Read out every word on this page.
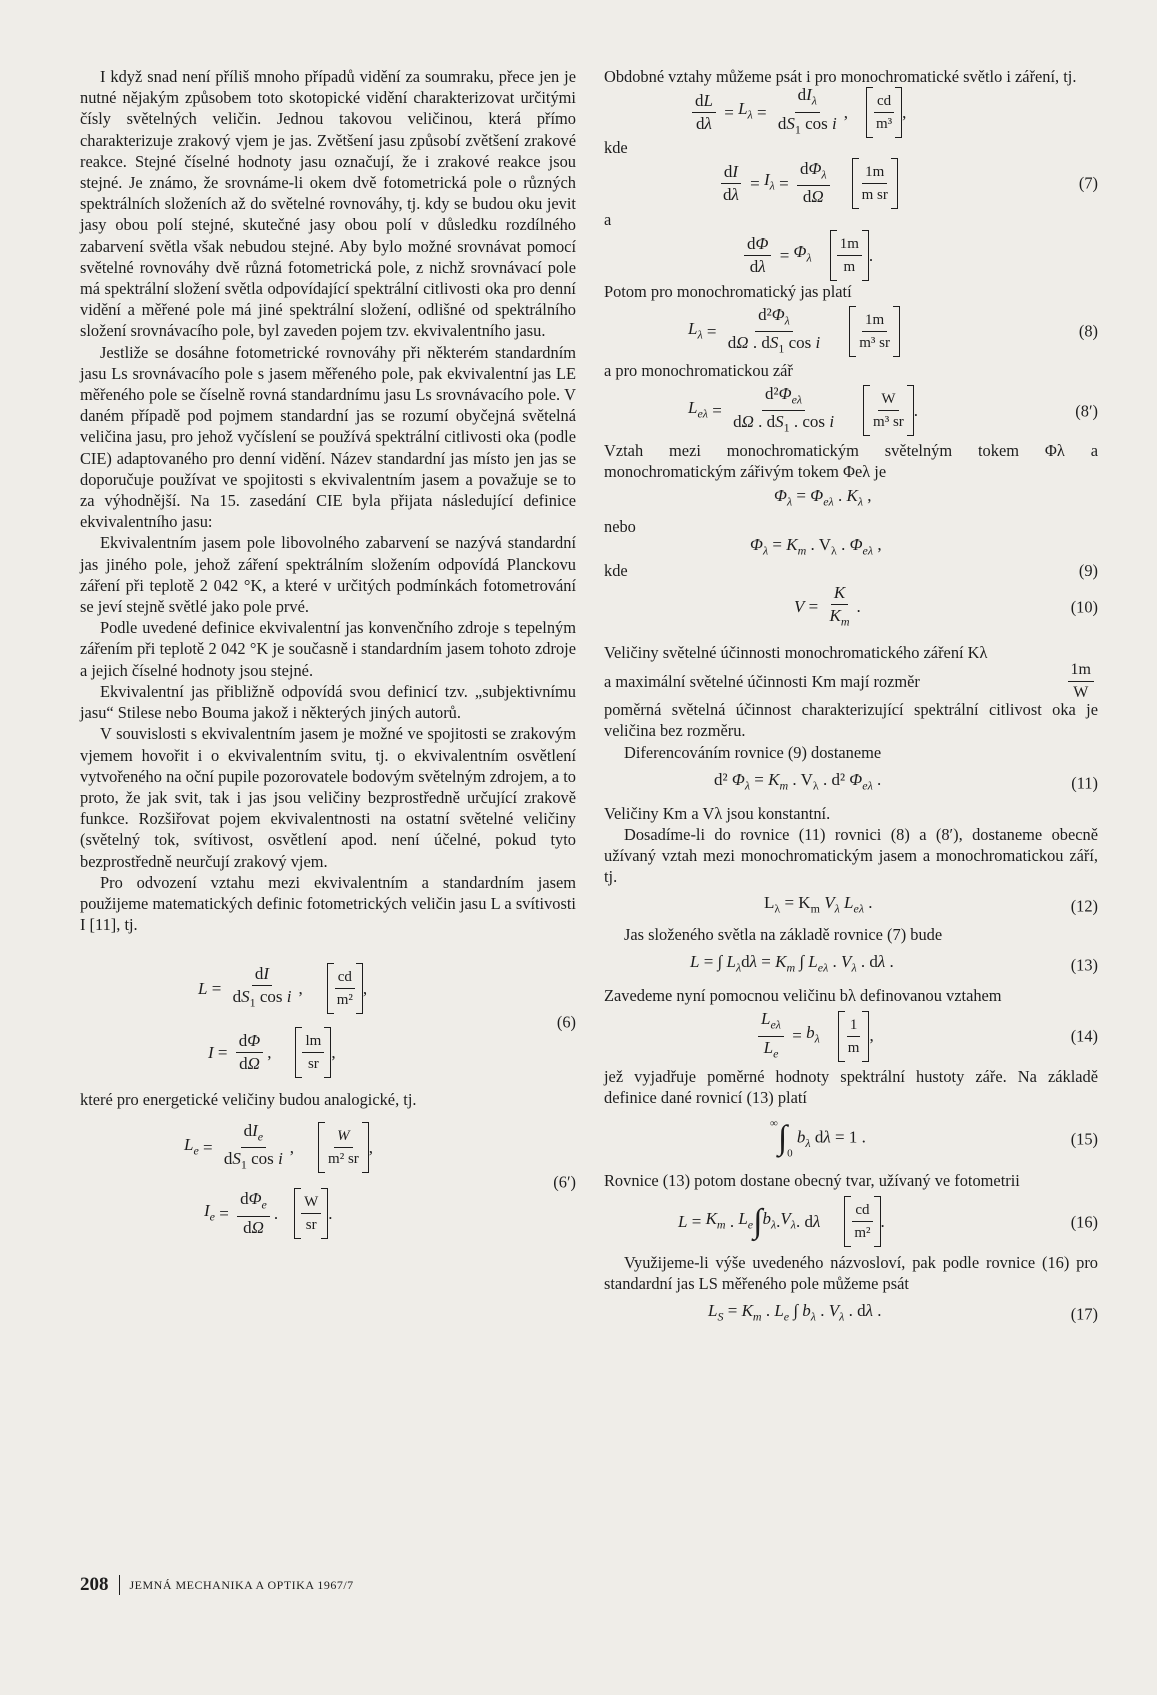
I když snad není příliš mnoho případů vidění za soumraku, přece jen je nutné nějakým způsobem toto skotopické vidění charakterizovat určitými čísly světelných veličin. Jednou takovou veličinou, která přímo charakterizuje zrakový vjem je jas. Zvětšení jasu způsobí zvětšení zrakové reakce. Stejné číselné hodnoty jasu označují, že i zrakové reakce jsou stejné. Je známo, že srovnáme-li okem dvě fotometrická pole o různých spektrálních složeních až do světelné rovnováhy, tj. kdy se budou oku jevit jasy obou polí stejné, skutečné jasy obou polí v důsledku rozdílného zabarvení světla však nebudou stejné. Aby bylo možné srovnávat pomocí světelné rovnováhy dvě různá fotometrická pole, z nichž srovnávací pole má spektrální složení světla odpovídající spektrální citlivosti oka pro denní vidění a měřené pole má jiné spektrální složení, odlišné od spektrálního složení srovnávacího pole, byl zaveden pojem tzv. ekvivalentního jasu.

Jestliže se dosáhne fotometrické rovnováhy při některém standardním jasu Ls srovnávacího pole s jasem měřeného pole, pak ekvivalentní jas LE měřeného pole se číselně rovná standardnímu jasu Ls srovnávacího pole. V daném případě pod pojmem standardní jas se rozumí obyčejná světelná veličina jasu, pro jehož vyčíslení se používá spektrální citlivosti oka (podle CIE) adaptovaného pro denní vidění. Název standardní jas místo jen jas se doporučuje používat ve spojitosti s ekvivalentním jasem a považuje se to za výhodnější. Na 15. zasedání CIE byla přijata následující definice ekvivalentního jasu:

Ekvivalentním jasem pole libovolného zabarvení se nazývá standardní jas jiného pole, jehož záření spektrálním složením odpovídá Planckovu záření při teplotě 2 042 °K, a které v určitých podmínkách fotometrování se jeví stejně světlé jako pole prvé.

Podle uvedené definice ekvivalentní jas konvenčního zdroje s tepelným zářením při teplotě 2 042 °K je současně i standardním jasem tohoto zdroje a jejich číselné hodnoty jsou stejné.

Ekvivalentní jas přibližně odpovídá svou definicí tzv. „subjektivnímu jasu“ Stilese nebo Bouma jakož i některých jiných autorů.

V souvislosti s ekvivalentním jasem je možné ve spojitosti se zrakovým vjemem hovořit i o ekvivalentním svitu, tj. o ekvivalentním osvětlení vytvořeného na oční pupile pozorovatele bodovým světelným zdrojem, a to proto, že jak svit, tak i jas jsou veličiny bezprostředně určující zrakově funkce. Rozšiřovat pojem ekvivalentnosti na ostatní světelné veličiny (světelný tok, svítivost, osvětlení apod. není účelné, pokud tyto bezprostředně neurčují zrakový vjem.

Pro odvození vztahu mezi ekvivalentním a standardním jasem použijeme matematických definic fotometrických veličin jasu L a svítivosti I [11], tj.

$L = \frac{dI}{dS_1 \cos i}$ , $\frac{cd}{\text{m²}}$ ,
$I = \frac{d\Phi}{d\Omega}$ , $\frac{lm}{sr}$ ,
(6)

které pro energetické veličiny budou analogické, tj.

$L_e = \frac{dI_e}{dS_1 \cos i}$ , $\frac{W}{\text{m² sr}}$ ,
$I_e = \frac{d\Phi_e}{d\Omega}$ . $\frac{W}{sr}$ .
(6′)

Obdobné vztahy můžeme psát i pro monochromatické světlo i záření, tj.

$\frac{dL}{d\lambda} = L_\lambda = \frac{dI_\lambda}{dS_1 \cos i}$ , $\frac{cd}{\text{m³}}$ ,
kde
$\frac{dI}{d\lambda} = I_\lambda = \frac{d\Phi_\lambda}{d\Omega} \frac{1m}{\text{m sr}}$	(7)
a
$\frac{d\Phi}{d\lambda} = \Phi_\lambda \frac{1m}{m}$ .

Potom pro monochromatický jas platí

$L_\lambda = \frac{d^2\Phi_\lambda}{d\Omega . dS_1 \cos i} \frac{1m}{\text{m³ sr}}$	(8)

a pro monochromatickou zář

$L_{e\lambda} = \frac{d^2\Phi_{e\lambda}}{d\Omega . dS_1 . \cos i} \frac{W}{\text{m³ sr}}$ .	(8′)

Vztah mezi monochromatickým světelným tokem Φλ a monochromatickým zářivým tokem Φeλ je

$\Phi_\lambda = \Phi_{e\lambda}$ . $K_\lambda$ ,
nebo
$\Phi_\lambda = K_m$ . $V_\lambda$ . $\Phi_{e\lambda}$ ,
kde	(9)
$V = \frac{K}{K_m}$ .	(10)

Veličiny světelné účinnosti monochromatického záření Kλ

a maximální světelné účinnosti Km mají rozměr	$\frac{1m}{W}$

poměrná světelná účinnost charakterizující spektrální citlivost oka je veličina bez rozměru.

Diferencováním rovnice (9) dostaneme

d² $\Phi_\lambda = K_m$ . $V_\lambda$ . d² $\Phi_{e\lambda}$ .	(11)

Veličiny Km a Vλ jsou konstantní.

Dosadíme-li do rovnice (11) rovnici (8) a (8′), dostaneme obecně užívaný vztah mezi monochromatickým jasem a monochromatickou září, tj.

$L_\lambda = K_m$ $V_\lambda$ $L_{e\lambda}$ .	(12)

Jas složeného světla na základě rovnice (7) bude

L = ∫ $L_\lambda d\lambda = K_m$ ∫ $L_{e\lambda}$ . $V_\lambda$ . dλ .	(13)

Zavedeme nyní pomocnou veličinu bλ definovanou vztahem

$\frac{L_{e\lambda}}{L_e} = b_\lambda \frac{1}{m}$ ,	(14)

jež vyjadřuje poměrné hodnoty spektrální hustoty záře. Na základě definice dané rovnicí (13) platí

$^\infty\int_0$ $b_\lambda$ dλ = 1 .	(15)

Rovnice (13) potom dostane obecný tvar, užívaný ve fotometrii

$L = K_m$ . $L_e$ ∫ $b_\lambda$ . $V_\lambda$ . d λ $\frac{cd}{\text{m²}}$ .	(16)

Využijeme-li výše uvedeného názvosloví, pak podle rovnice (16) pro standardní jas LS měřeného pole můžeme psát

$L_S = K_m$ . $L_e$ ∫ $b_\lambda$ . $V_\lambda$ . dλ .	(17)
208 JEMNÁ MECHANIKA A OPTIKA 1967/7
